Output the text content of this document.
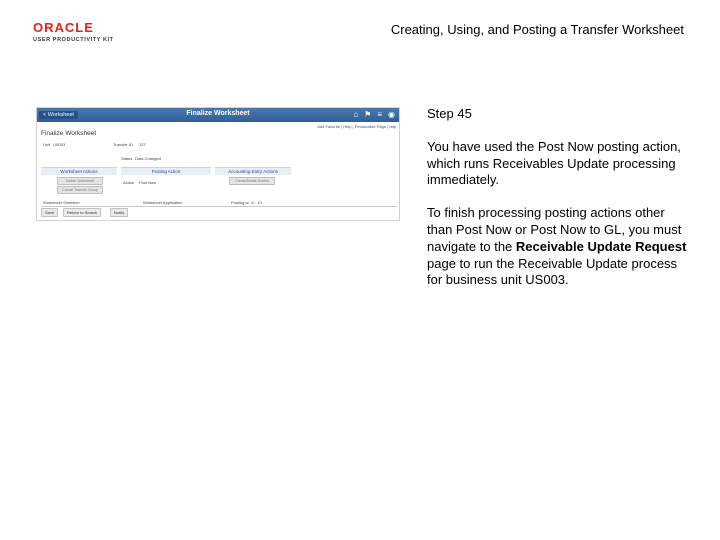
ORACLE
USER PRODUCTIVITY KIT
Creating, Using, and Posting a Transfer Worksheet
< Worksheet	Finalize Worksheet	⌂ ⚑ ≡ ◉
Add Favorite | Help | Personalize Page | http
Finalize Worksheet
Unit US003	Transfer ID 127
Status Data Changed
Worksheet Actions	Posting Action	Accounting Entry Actions
Delete Worksheet
Cancel Transfer Group
Create/Delete Entries
Action Post Now
Worksheet Selection	Worksheet Application	Posting w.: 8 - 10
Save	Return to Search	Notify

Step 45

You have used the Post Now posting action, which runs Receivables Update processing immediately.

To finish processing posting actions other than Post Now or Post Now to GL, you must navigate to the Receivable Update Request page to run the Receivable Update process for business unit US003.
